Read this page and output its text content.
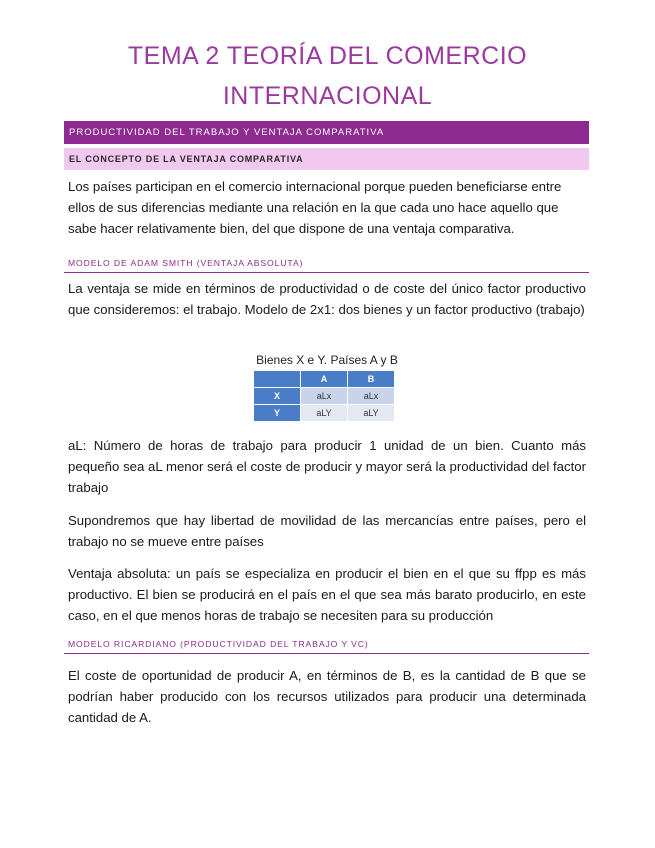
TEMA 2 TEORÍA DEL COMERCIO
INTERNACIONAL
PRODUCTIVIDAD DEL TRABAJO Y VENTAJA COMPARATIVA
EL CONCEPTO DE LA VENTAJA COMPARATIVA

Los países participan en el comercio internacional porque pueden beneficiarse entre ellos de sus diferencias mediante una relación en la que cada uno hace aquello que sabe hacer relativamente bien, del que dispone de una ventaja comparativa.

MODELO DE ADAM SMITH (VENTAJA ABSOLUTA)

La ventaja se mide en términos de productividad o de coste del único factor productivo que consideremos: el trabajo. Modelo de 2x1: dos bienes y un factor productivo (trabajo)

Bienes X e Y. Países A y B
	A	B
X	aLx	aLx
Y	aLY	aLY

aL: Número de horas de trabajo para producir 1 unidad de un bien. Cuanto más pequeño sea aL menor será el coste de producir y mayor será la productividad del factor trabajo

Supondremos que hay libertad de movilidad de las mercancías entre países, pero el trabajo no se mueve entre países

Ventaja absoluta: un país se especializa en producir el bien en el que su ffpp es más productivo. El bien se producirá en el país en el que sea más barato producirlo, en este caso, en el que menos horas de trabajo se necesiten para su producción

MODELO RICARDIANO (PRODUCTIVIDAD DEL TRABAJO Y VC)

El coste de oportunidad de producir A, en términos de B, es la cantidad de B que se podrían haber producido con los recursos utilizados para producir una determinada cantidad de A.
